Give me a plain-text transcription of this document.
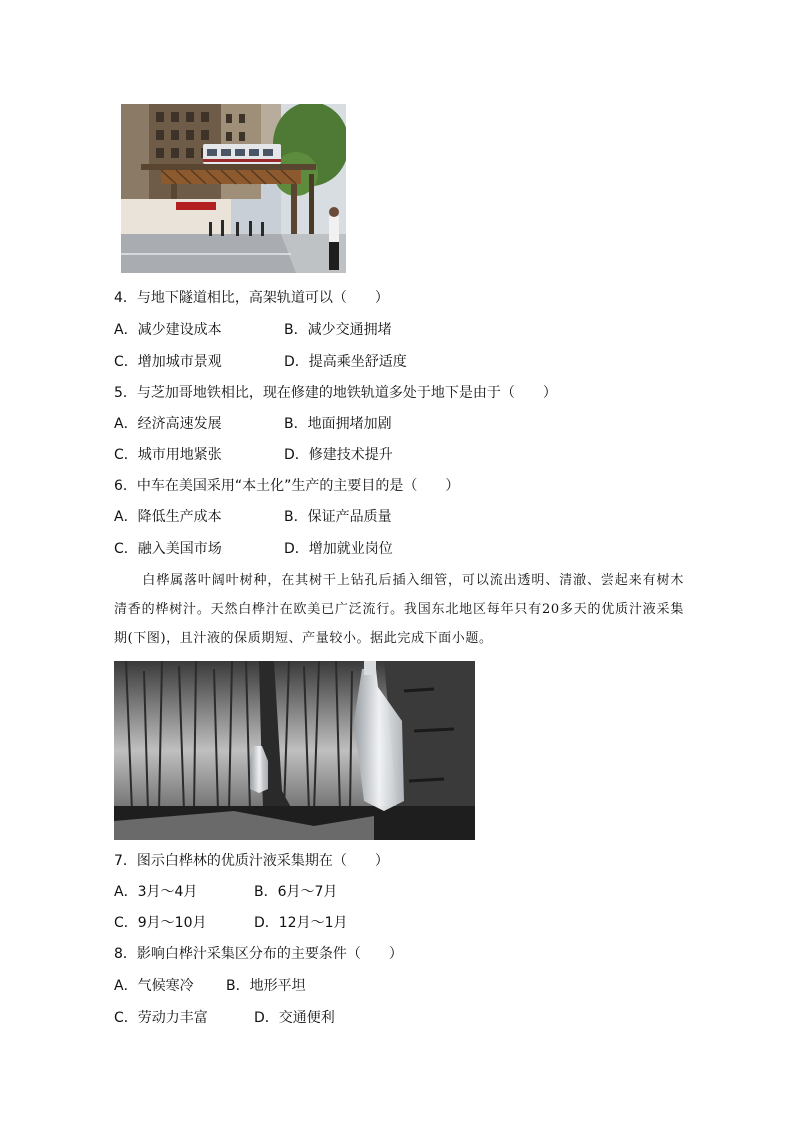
4．与地下隧道相比，高架轨道可以（　　）
A．减少建设成本	B．减少交通拥堵
C．增加城市景观	D．提高乘坐舒适度
5．与芝加哥地铁相比，现在修建的地铁轨道多处于地下是由于（　　）
A．经济高速发展	B．地面拥堵加剧
C．城市用地紧张	D．修建技术提升
6．中车在美国采用“本土化”生产的主要目的是（　　）
A．降低生产成本	B．保证产品质量
C．融入美国市场	D．增加就业岗位
白桦属落叶阔叶树种，在其树干上钻孔后插入细管，可以流出透明、清澈、尝起来有树木清香的桦树汁。天然白桦汁在欧美已广泛流行。我国东北地区每年只有20多天的优质汁液采集期(下图)，且汁液的保质期短、产量较小。据此完成下面小题。
7．图示白桦林的优质汁液采集期在（　　）
A．3月～4月	B．6月～7月
C．9月～10月	D．12月～1月
8．影响白桦汁采集区分布的主要条件（　　）
A．气候寒冷 B．地形平坦
C．劳动力丰富	D．交通便利
